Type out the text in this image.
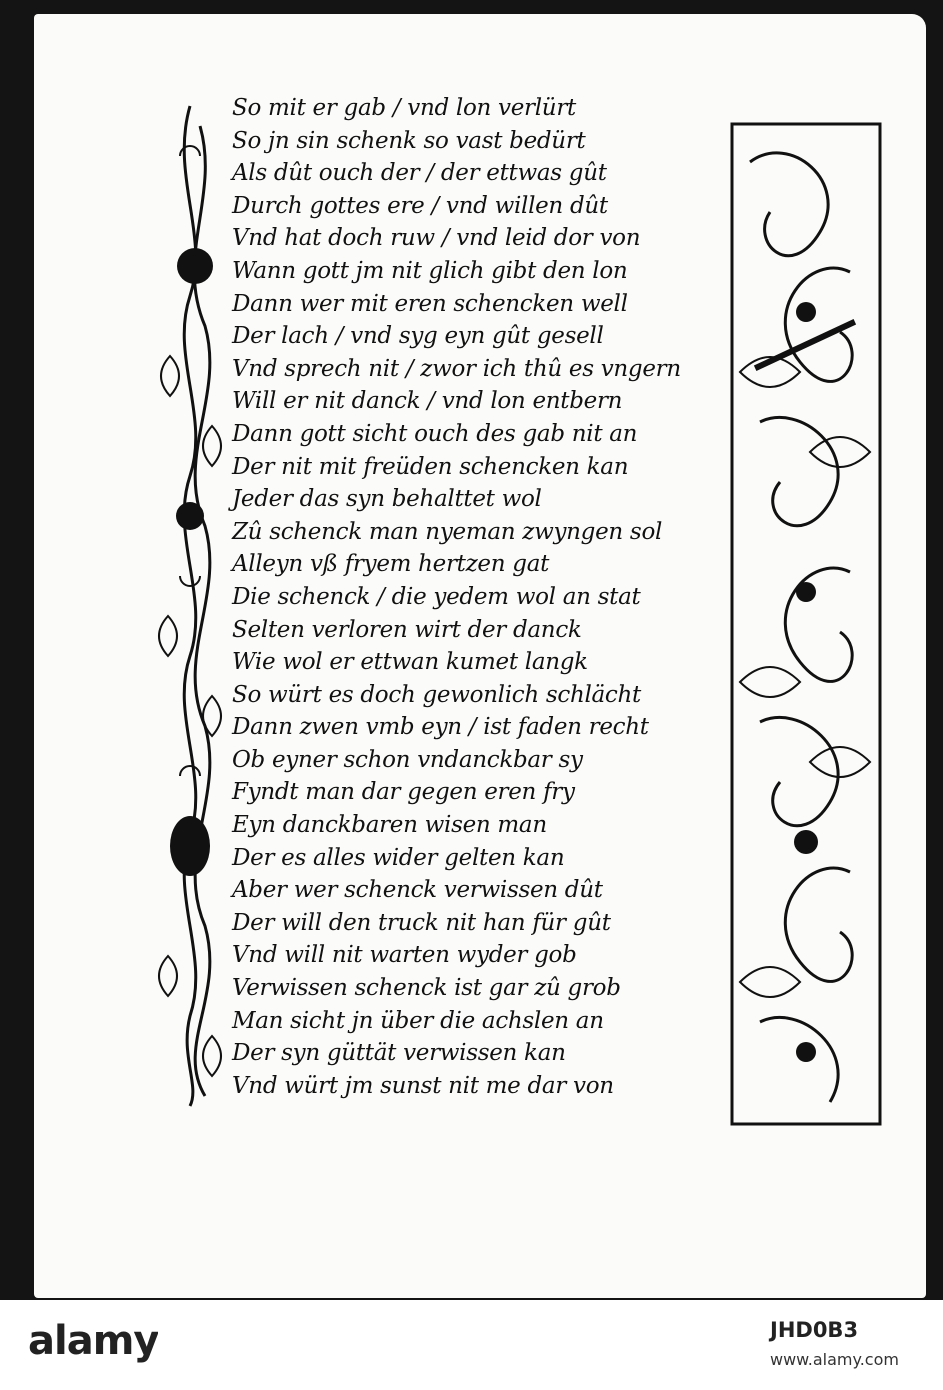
So mit er gab / vnd lon verlürt
So jn sin schenk so vast bedürt
Als dût ouch der / der ettwas gût
Durch gottes ere / vnd willen dût
Vnd hat doch ruw / vnd leid dor von
Wann gott jm nit glich gibt den lon
Dann wer mit eren schencken well
Der lach / vnd syg eyn gût gesell
Vnd sprech nit / zwor ich thû es vngern
Will er nit danck / vnd lon entbern
Dann gott sicht ouch des gab nit an
Der nit mit freüden schencken kan
Jeder das syn behalttet wol
Zû schenck man nyeman zwyngen sol
Alleyn vß fryem hertzen gat
Die schenck / die yedem wol an stat
Selten verloren wirt der danck
Wie wol er ettwan kumet langk
So würt es doch gewonlich schlächt
Dann zwen vmb eyn / ist faden recht
Ob eyner schon vndanckbar sy
Fyndt man dar gegen eren fry
Eyn danckbaren wisen man
Der es alles wider gelten kan
Aber wer schenck verwissen dût
Der will den truck nit han für gût
Vnd will nit warten wyder gob
Verwissen schenck ist gar zû grob
Man sicht jn über die achslen an
Der syn güttät verwissen kan
Vnd würt jm sunst nit me dar von
alamy	JHD0B3
www.alamy.com
